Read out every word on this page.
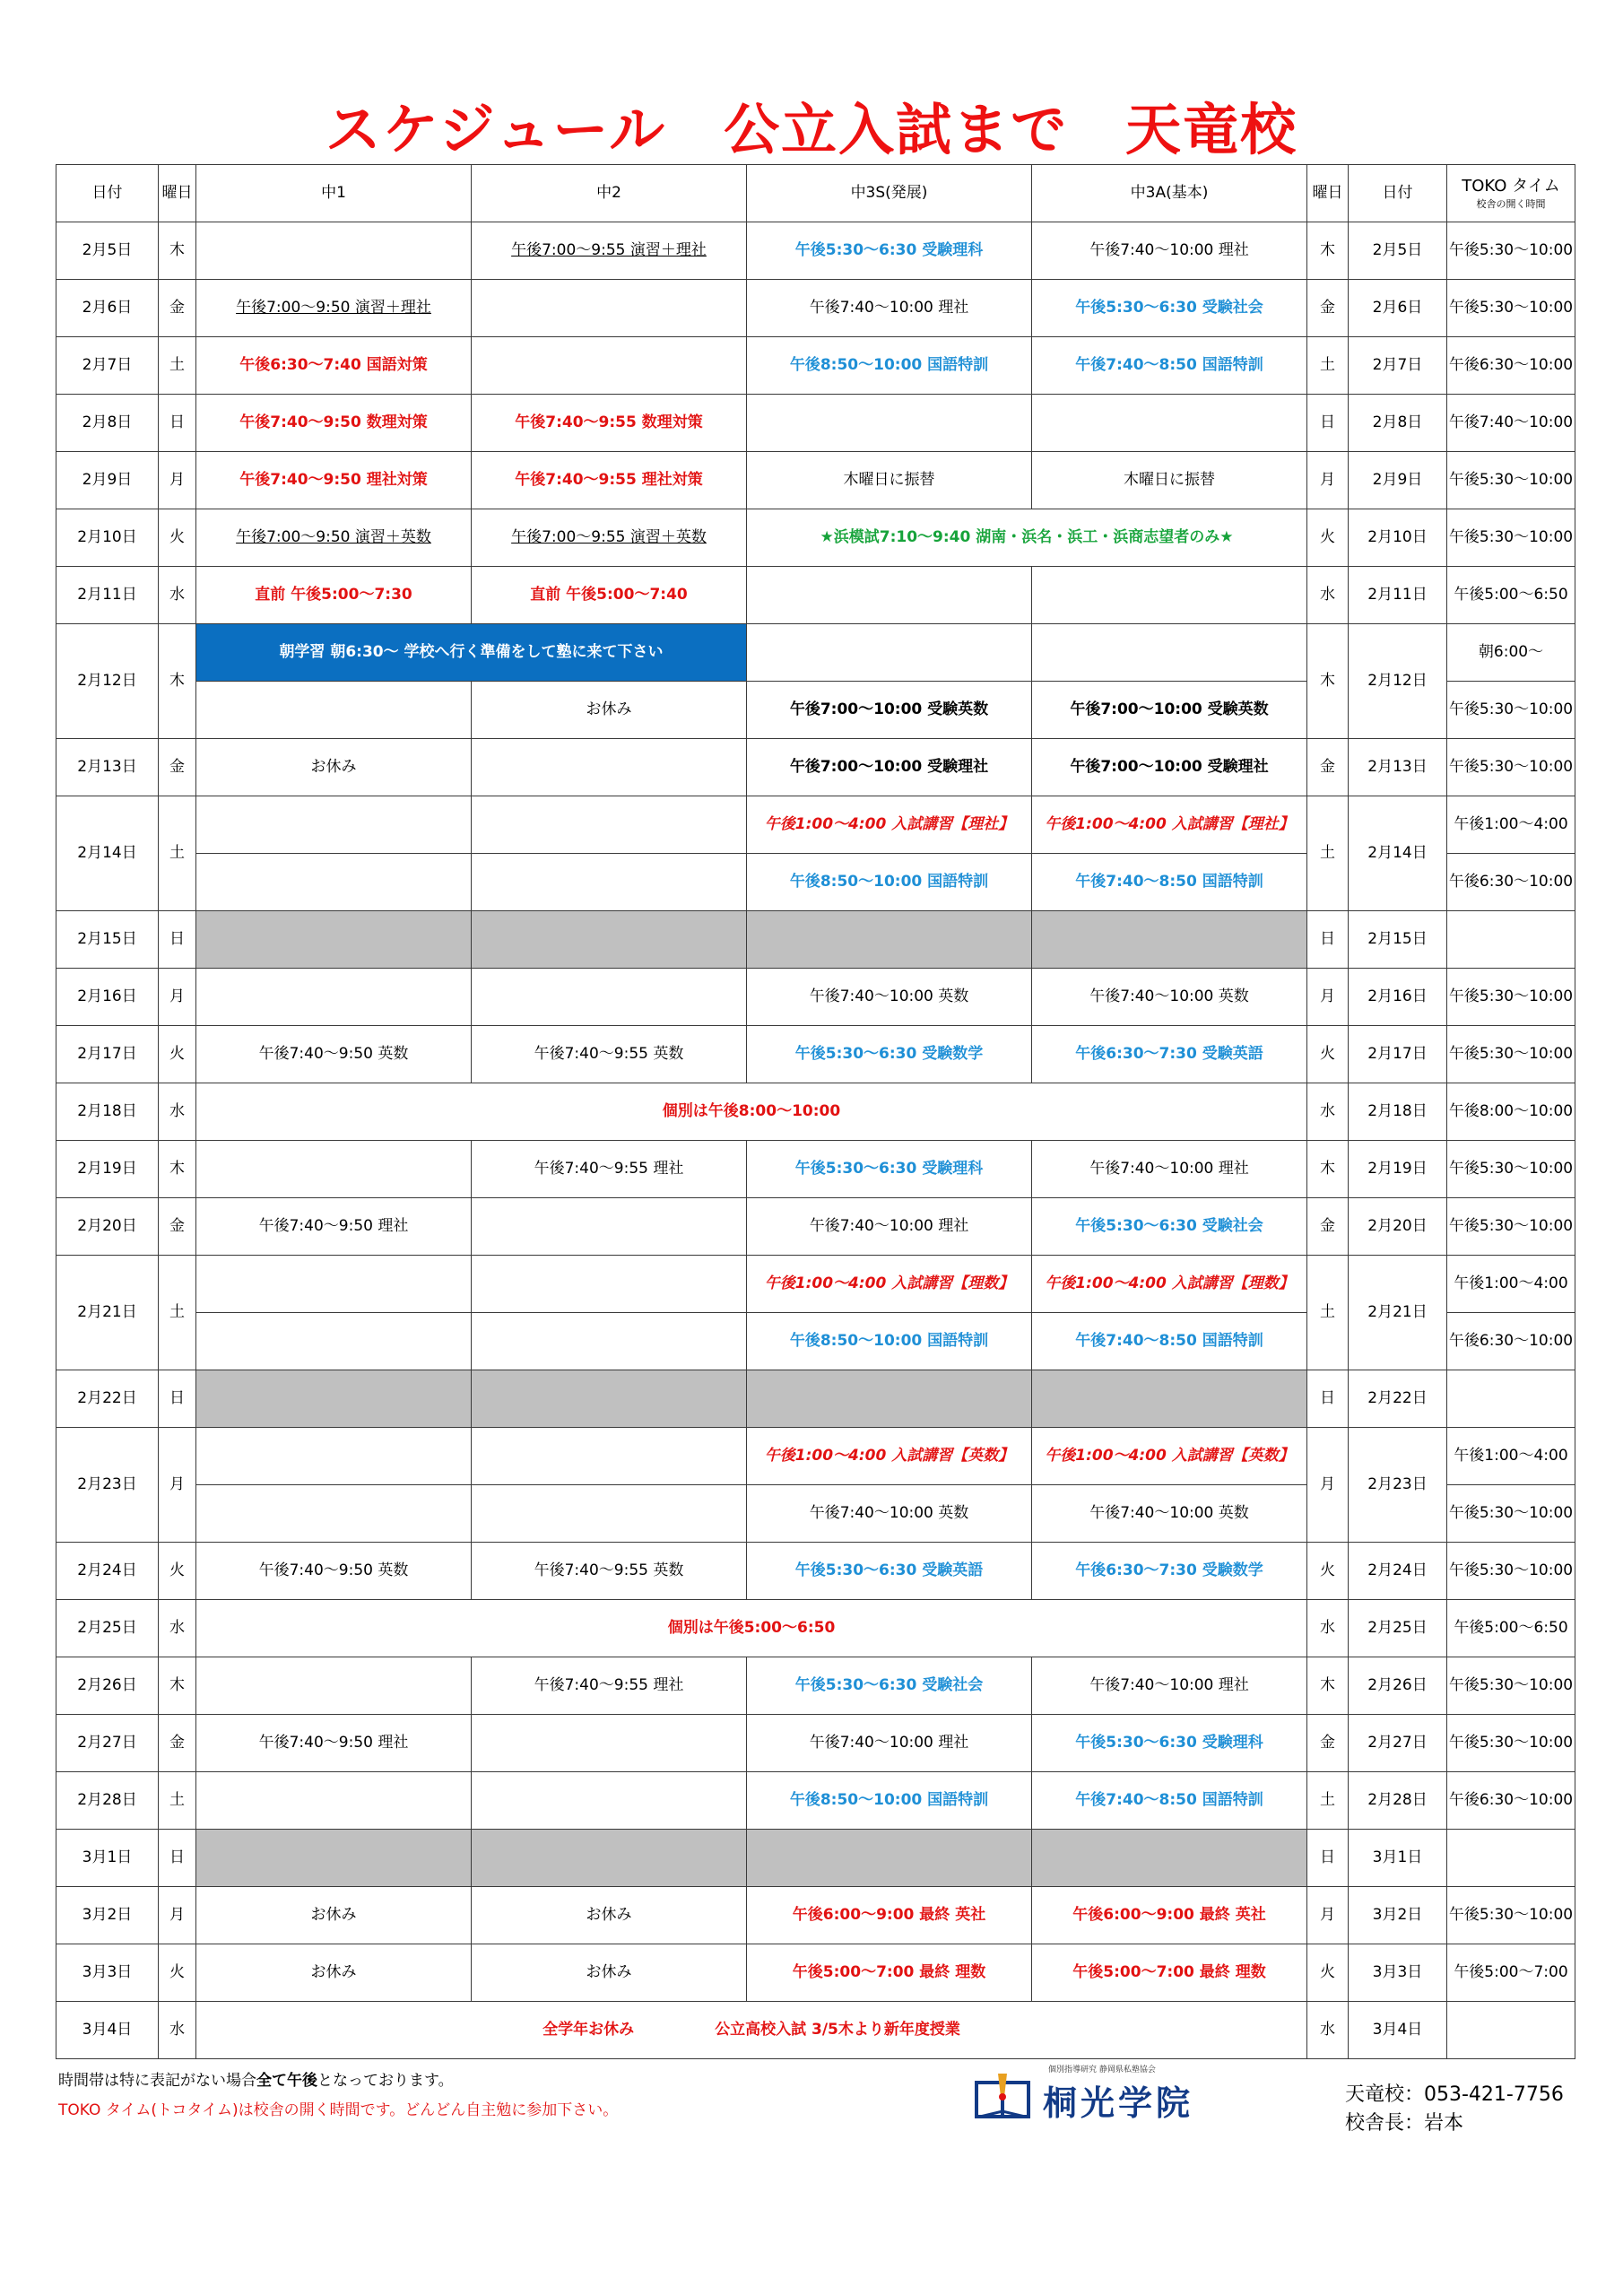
スケジュール　公立入試まで　天竜校
日付	曜日	中1	中2	中3S(発展)	中3A(基本)	曜日	日付	TOKO タイム
校舎の開く時間

2月5日	木		午後7:00～9:55 演習＋理社	午後5:30～6:30 受験理科	午後7:40～10:00 理社	木	2月5日	午後5:30～10:00
2月6日	金	午後7:00～9:50 演習＋理社		午後7:40～10:00 理社	午後5:30～6:30 受験社会	金	2月6日	午後5:30～10:00
2月7日	土	午後6:30～7:40 国語対策		午後8:50～10:00 国語特訓	午後7:40～8:50 国語特訓	土	2月7日	午後6:30～10:00
2月8日	日	午後7:40～9:50 数理対策	午後7:40～9:55 数理対策			日	2月8日	午後7:40～10:00
2月9日	月	午後7:40～9:50 理社対策	午後7:40～9:55 理社対策	木曜日に振替	木曜日に振替	月	2月9日	午後5:30～10:00
2月10日	火	午後7:00～9:50 演習＋英数	午後7:00～9:55 演習＋英数	★浜模試7:10～9:40 湖南・浜名・浜工・浜商志望者のみ★		火	2月10日	午後5:30～10:00
2月11日	水	直前 午後5:00～7:30	直前 午後5:00～7:40			水	2月11日	午後5:00～6:50
2月12日	木	朝学習 朝6:30～ 学校へ行く準備をして塾に来て下さい				木	2月12日	朝6:00～
			お休み	午後7:00～10:00 受験英数	午後7:00～10:00 受験英数			午後5:30～10:00
2月13日	金	お休み		午後7:00～10:00 受験理社	午後7:00～10:00 受験理社	金	2月13日	午後5:30～10:00
2月14日	土			午後1:00～4:00 入試講習【理社】	午後1:00～4:00 入試講習【理社】	土	2月14日	午後1:00～4:00
				午後8:50～10:00 国語特訓	午後7:40～8:50 国語特訓			午後6:30～10:00
2月15日	日					日	2月15日	
2月16日	月			午後7:40～10:00 英数	午後7:40～10:00 英数	月	2月16日	午後5:30～10:00
2月17日	火	午後7:40～9:50 英数	午後7:40～9:55 英数	午後5:30～6:30 受験数学	午後6:30～7:30 受験英語	火	2月17日	午後5:30～10:00
2月18日	水	個別は午後8:00～10:00				水	2月18日	午後8:00～10:00
2月19日	木		午後7:40～9:55 理社	午後5:30～6:30 受験理科	午後7:40～10:00 理社	木	2月19日	午後5:30～10:00
2月20日	金	午後7:40～9:50 理社		午後7:40～10:00 理社	午後5:30～6:30 受験社会	金	2月20日	午後5:30～10:00
2月21日	土			午後1:00～4:00 入試講習【理数】	午後1:00～4:00 入試講習【理数】	土	2月21日	午後1:00～4:00
				午後8:50～10:00 国語特訓	午後7:40～8:50 国語特訓			午後6:30～10:00
2月22日	日					日	2月22日	
2月23日	月			午後1:00～4:00 入試講習【英数】	午後1:00～4:00 入試講習【英数】	月	2月23日	午後1:00～4:00
				午後7:40～10:00 英数	午後7:40～10:00 英数			午後5:30～10:00
2月24日	火	午後7:40～9:50 英数	午後7:40～9:55 英数	午後5:30～6:30 受験英語	午後6:30～7:30 受験数学	火	2月24日	午後5:30～10:00
2月25日	水	個別は午後5:00～6:50				水	2月25日	午後5:00～6:50
2月26日	木		午後7:40～9:55 理社	午後5:30～6:30 受験社会	午後7:40～10:00 理社	木	2月26日	午後5:30～10:00
2月27日	金	午後7:40～9:50 理社		午後7:40～10:00 理社	午後5:30～6:30 受験理科	金	2月27日	午後5:30～10:00
2月28日	土			午後8:50～10:00 国語特訓	午後7:40～8:50 国語特訓	土	2月28日	午後6:30～10:00
3月1日	日					日	3月1日	
3月2日	月	お休み	お休み	午後6:00～9:00 最終 英社	午後6:00～9:00 最終 英社	月	3月2日	午後5:30～10:00
3月3日	火	お休み	お休み	午後5:00～7:00 最終 理数	午後5:00～7:00 最終 理数	火	3月3日	午後5:00～7:00
3月4日	水	全学年お休み 公立高校入試 3/5木より新年度授業				水	3月4日	
時間帯は特に表記がない場合全て午後となっております。
TOKO タイム(トコタイム)は校舎の開く時間です。どんどん自主勉に参加下さい。
個別指導研究 静岡県私塾協会
桐光学院	天竜校：053-421-7756
校舎長：岩本
